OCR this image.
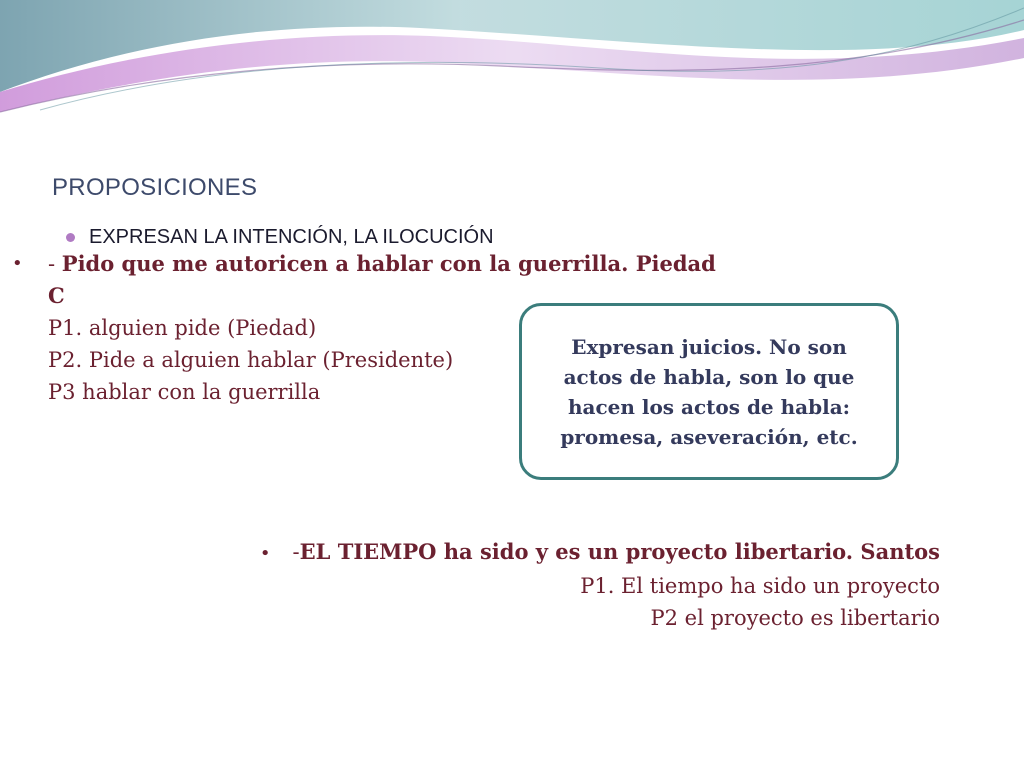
PROPOSICIONES
EXPRESAN LA INTENCIÓN, LA ILOCUCIÓN
• - Pido que me autoricen a hablar con la guerrilla. Piedad
C
P1. alguien pide (Piedad)
P2. Pide a alguien hablar (Presidente)
P3 hablar con la guerrilla
Expresan juicios. No son
actos de habla, son lo que
hacen los actos de habla:
promesa, aseveración, etc.
• -EL TIEMPO ha sido y es un proyecto libertario. Santos
P1. El tiempo ha sido un proyecto
P2 el proyecto es libertario
